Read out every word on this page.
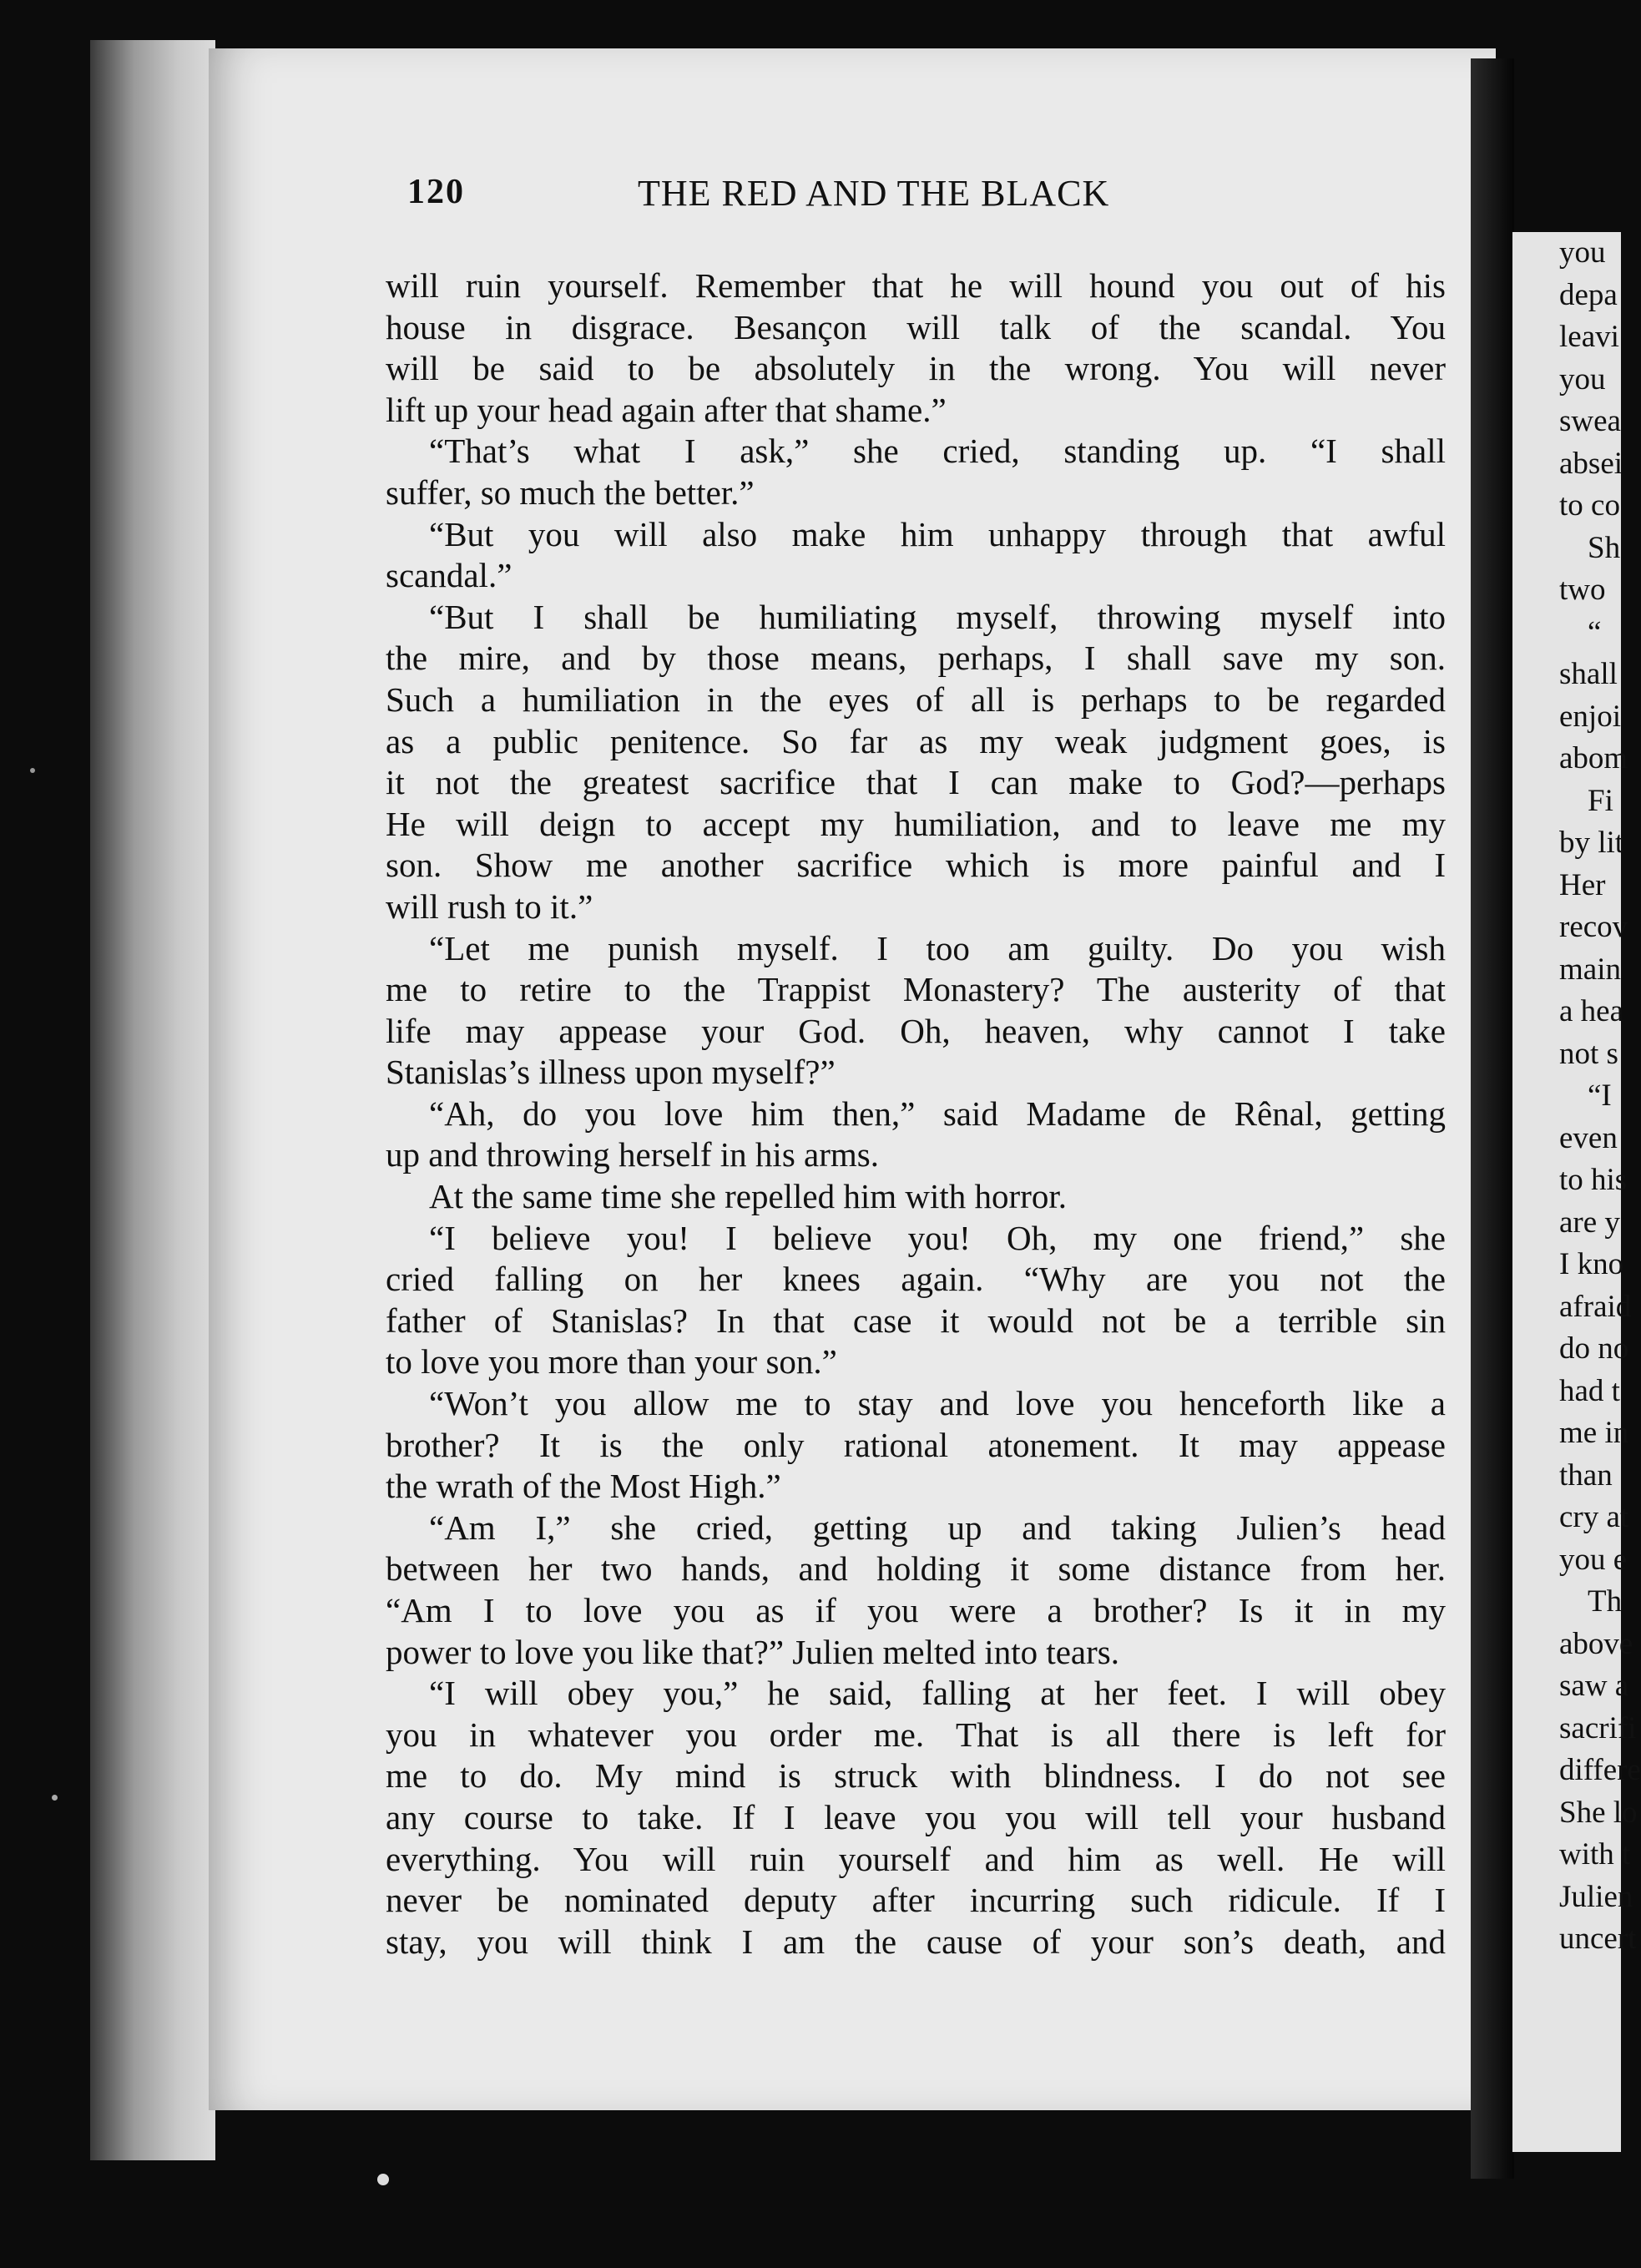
120	THE RED AND THE BLACK
will ruin yourself. Remember that he will hound you out of his
house in disgrace. Besançon will talk of the scandal. You
will be said to be absolutely in the wrong. You will never
lift up your head again after that shame.”
“That’s what I ask,” she cried, standing up. “I shall
suffer, so much the better.”
“But you will also make him unhappy through that awful
scandal.”
“But I shall be humiliating myself, throwing myself into
the mire, and by those means, perhaps, I shall save my son.
Such a humiliation in the eyes of all is perhaps to be regarded
as a public penitence. So far as my weak judgment goes, is
it not the greatest sacrifice that I can make to God?—perhaps
He will deign to accept my humiliation, and to leave me my
son. Show me another sacrifice which is more painful and I
will rush to it.”
“Let me punish myself. I too am guilty. Do you wish
me to retire to the Trappist Monastery? The austerity of that
life may appease your God. Oh, heaven, why cannot I take
Stanislas’s illness upon myself?”
“Ah, do you love him then,” said Madame de Rênal, getting
up and throwing herself in his arms.
At the same time she repelled him with horror.
“I believe you! I believe you! Oh, my one friend,” she
cried falling on her knees again. “Why are you not the
father of Stanislas? In that case it would not be a terrible sin
to love you more than your son.”
“Won’t you allow me to stay and love you henceforth like a
brother? It is the only rational atonement. It may appease
the wrath of the Most High.”
“Am I,” she cried, getting up and taking Julien’s head
between her two hands, and holding it some distance from her.
“Am I to love you as if you were a brother? Is it in my
power to love you like that?” Julien melted into tears.
“I will obey you,” he said, falling at her feet. I will obey
you in whatever you order me. That is all there is left for
me to do. My mind is struck with blindness. I do not see
any course to take. If I leave you you will tell your husband
everything. You will ruin yourself and him as well. He will
never be nominated deputy after incurring such ridicule. If I
stay, you will think I am the cause of your son’s death, and
you
depa
leavi
you
swea
absei
to co
Sh
two
“
shall
enjoi
abom
Fi
by lit
Her
recov
main
a hea
not s
“I
even
to his
are y
I kno
afraid
do no
had t
me in
than
cry at
you e
Th
above
saw a
sacrifi
differe
She lo
with t
Julien
uncert
